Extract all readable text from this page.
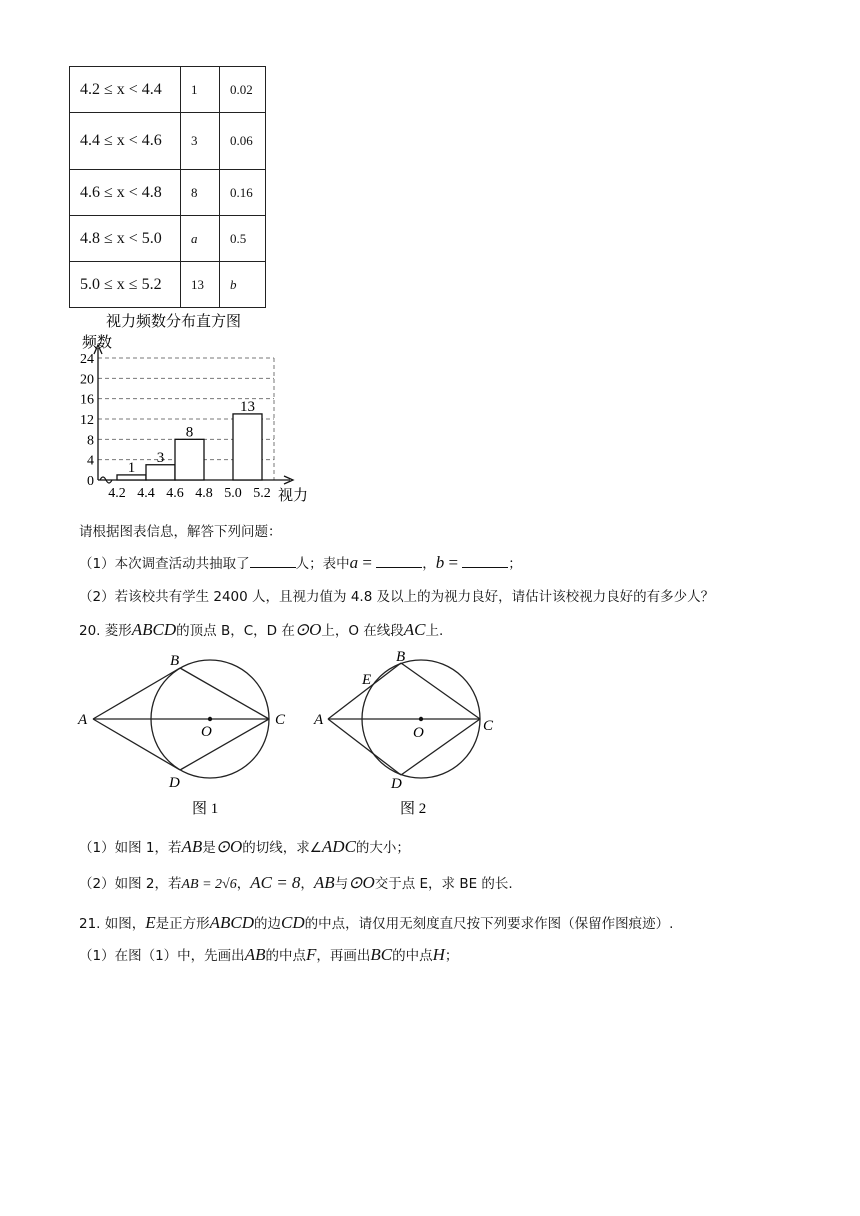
4.2 ≤ x < 4.4	1	0.02
4.4 ≤ x < 4.6	3	0.06
4.6 ≤ x < 4.8	8	0.16
4.8 ≤ x < 5.0	a	0.5
5.0 ≤ x ≤ 5.2	13	b
视力频数分布直方图
0
4
8
12
16
20
24
1
3
8
13
4.2 4.4 4.6 4.8 5.0 5.2
频数
视力
请根据图表信息，解答下列问题：
（1）本次调查活动共抽取了	人；表中a =	，b =	；
（2）若该校共有学生 2400 人，且视力值为 4.8 及以上的为视力良好，请估计该校视力良好的有多少人？
20. 菱形ABCD的顶点 B，C，D 在⊙O上，O 在线段AC上.
A
B
C
D
O
图 1
A
B
E
C
D
O
图 2
（1）如图 1，若AB是⊙O的切线，求∠ADC的大小；
（2）如图 2，若AB = 2√6，AC = 8，AB与⊙O交于点 E，求 BE 的长.
21. 如图，E是正方形ABCD的边CD的中点，请仅用无刻度直尺按下列要求作图（保留作图痕迹）.
（1）在图（1）中，先画出AB的中点F，再画出BC的中点H；
